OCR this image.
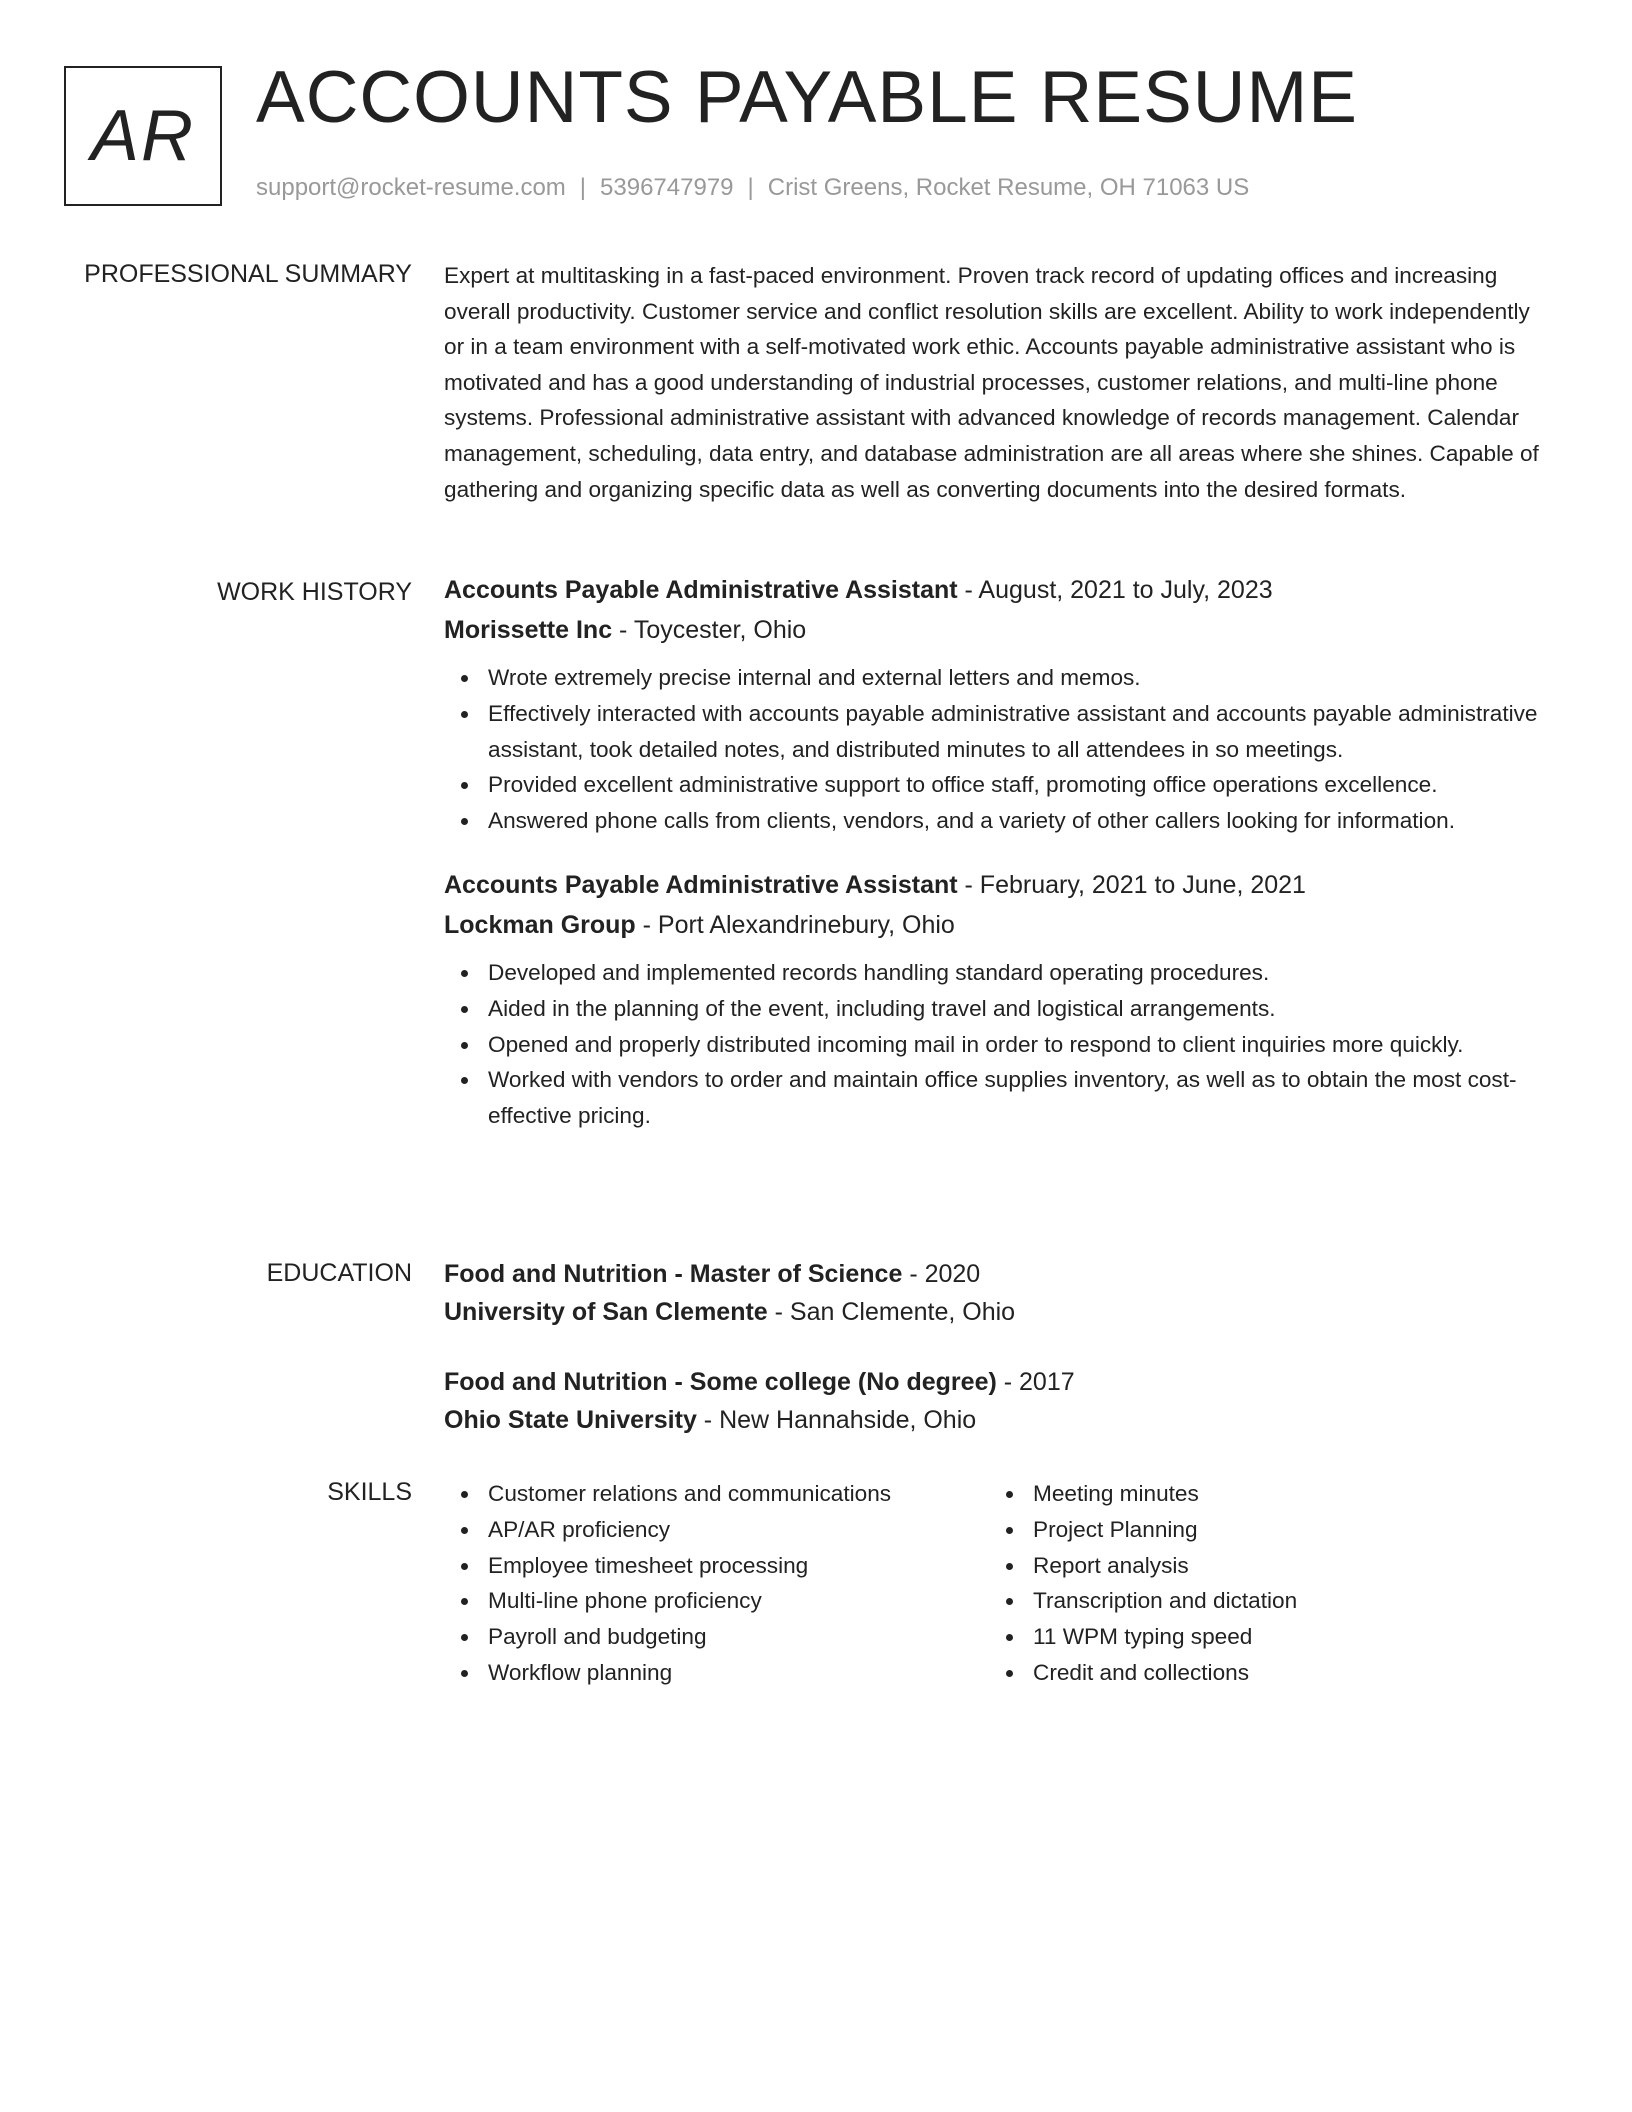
AR ACCOUNTS PAYABLE RESUME
support@rocket-resume.com | 5396747979 | Crist Greens, Rocket Resume, OH 71063 US
PROFESSIONAL SUMMARY Expert at multitasking in a fast-paced environment. Proven track record of updating offices and increasing overall productivity. Customer service and conflict resolution skills are excellent. Ability to work independently or in a team environment with a self-motivated work ethic. Accounts payable administrative assistant who is motivated and has a good understanding of industrial processes, customer relations, and multi-line phone systems. Professional administrative assistant with advanced knowledge of records management. Calendar management, scheduling, data entry, and database administration are all areas where she shines. Capable of gathering and organizing specific data as well as converting documents into the desired formats.

WORK HISTORY Accounts Payable Administrative Assistant - August, 2021 to July, 2023
Morissette Inc - Toycester, Ohio
Wrote extremely precise internal and external letters and memos.
Effectively interacted with accounts payable administrative assistant and accounts payable administrative assistant, took detailed notes, and distributed minutes to all attendees in so meetings.
Provided excellent administrative support to office staff, promoting office operations excellence.
Answered phone calls from clients, vendors, and a variety of other callers looking for information.
Accounts Payable Administrative Assistant - February, 2021 to June, 2021
Lockman Group - Port Alexandrinebury, Ohio
Developed and implemented records handling standard operating procedures.
Aided in the planning of the event, including travel and logistical arrangements.
Opened and properly distributed incoming mail in order to respond to client inquiries more quickly.
Worked with vendors to order and maintain office supplies inventory, as well as to obtain the most cost-effective pricing.
EDUCATION Food and Nutrition - Master of Science - 2020
University of San Clemente - San Clemente, Ohio
Food and Nutrition - Some college (No degree) - 2017
Ohio State University - New Hannahside, Ohio
SKILLS	Customer relations and communications
AP/AR proficiency
Employee timesheet processing
Multi-line phone proficiency
Payroll and budgeting
Workflow planning
Meeting minutes
Project Planning
Report analysis
Transcription and dictation
11 WPM typing speed
Credit and collections
